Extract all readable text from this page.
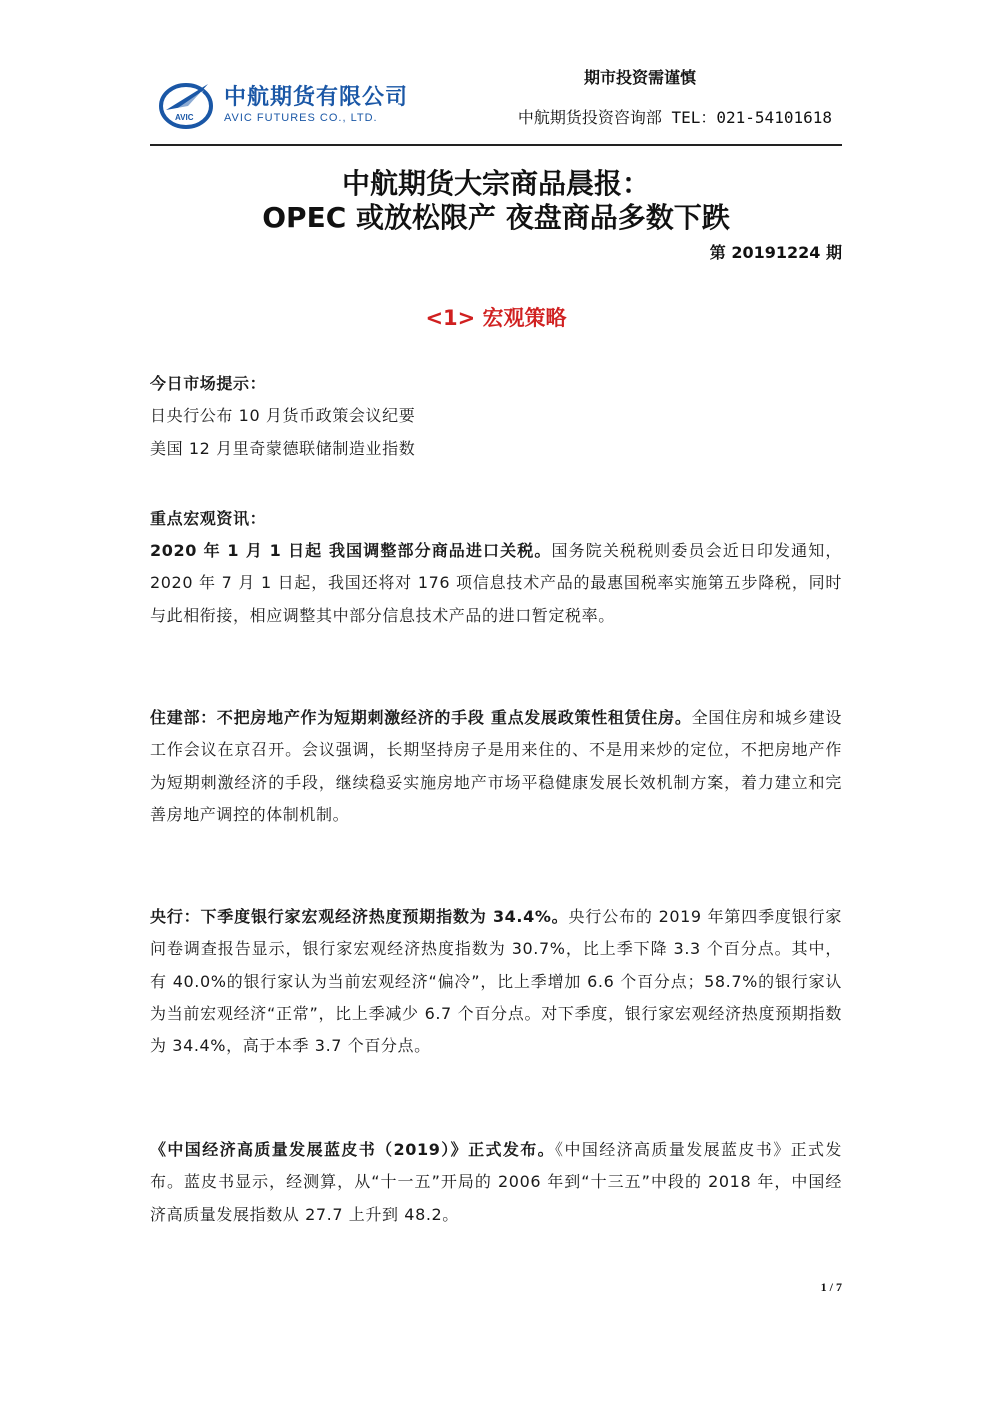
AVIC
中航期货有限公司
AVIC FUTURES CO., LTD.
期市投资需谨慎
中航期货投资咨询部 TEL：021-54101618
中航期货大宗商品晨报：
OPEC 或放松限产 夜盘商品多数下跌
第 20191224 期
<1> 宏观策略
今日市场提示：
日央行公布 10 月货币政策会议纪要
美国 12 月里奇蒙德联储制造业指数
重点宏观资讯：
2020 年 1 月 1 日起 我国调整部分商品进口关税。国务院关税税则委员会近日印发通知，2020 年 7 月 1 日起，我国还将对 176 项信息技术产品的最惠国税率实施第五步降税，同时与此相衔接，相应调整其中部分信息技术产品的进口暂定税率。
住建部：不把房地产作为短期刺激经济的手段 重点发展政策性租赁住房。全国住房和城乡建设工作会议在京召开。会议强调，长期坚持房子是用来住的、不是用来炒的定位，不把房地产作为短期刺激经济的手段，继续稳妥实施房地产市场平稳健康发展长效机制方案，着力建立和完善房地产调控的体制机制。
央行：下季度银行家宏观经济热度预期指数为 34.4%。央行公布的 2019 年第四季度银行家问卷调查报告显示，银行家宏观经济热度指数为 30.7%，比上季下降 3.3 个百分点。其中，有 40.0%的银行家认为当前宏观经济“偏冷”，比上季增加 6.6 个百分点；58.7%的银行家认为当前宏观经济“正常”，比上季减少 6.7 个百分点。对下季度，银行家宏观经济热度预期指数为 34.4%，高于本季 3.7 个百分点。
《中国经济高质量发展蓝皮书（2019）》正式发布。《中国经济高质量发展蓝皮书》正式发布。蓝皮书显示，经测算，从“十一五”开局的 2006 年到“十三五”中段的 2018 年，中国经济高质量发展指数从 27.7 上升到 48.2。
1 / 7
